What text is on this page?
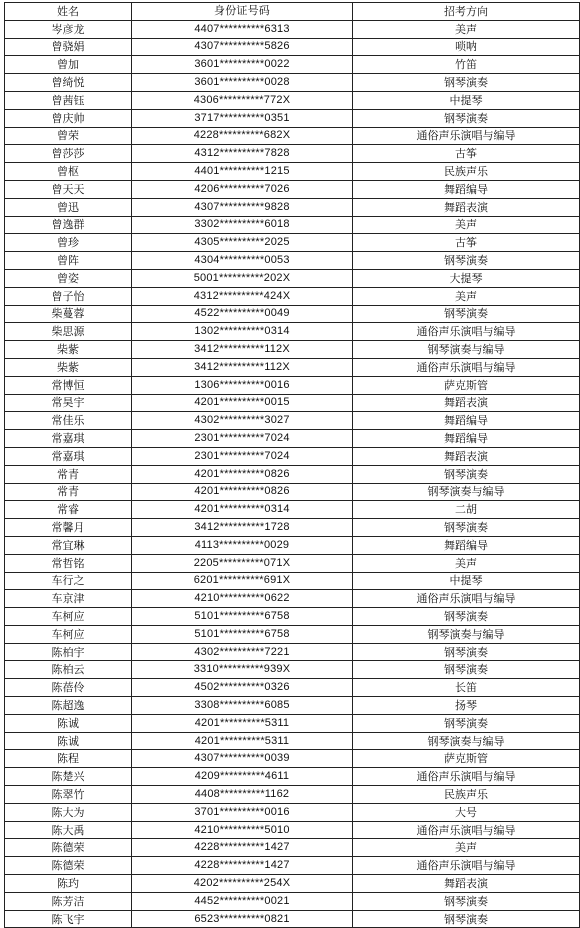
姓名	身份证号码	招考方向
岑彦龙	4407**********6313	美声
曾骁娟	4307**********5826	唢呐
曾加	3601**********0022	竹笛
曾绮悦	3601**********0028	钢琴演奏
曾茜钰	4306**********772X	中提琴
曾庆帅	3717**********0351	钢琴演奏
曾荣	4228**********682X	通俗声乐演唱与编导
曾莎莎	4312**********7828	古筝
曾枢	4401**********1215	民族声乐
曾天天	4206**********7026	舞蹈编导
曾迅	4307**********9828	舞蹈表演
曾逸群	3302**********6018	美声
曾珍	4305**********2025	古筝
曾阵	4304**********0053	钢琴演奏
曾姿	5001**********202X	大提琴
曾子怡	4312**********424X	美声
柴蔓蓉	4522**********0049	钢琴演奏
柴思源	1302**********0314	通俗声乐演唱与编导
柴紫	3412**********112X	钢琴演奏与编导
柴紫	3412**********112X	通俗声乐演唱与编导
常博恒	1306**********0016	萨克斯管
常昊宇	4201**********0015	舞蹈表演
常佳乐	4302**********3027	舞蹈编导
常嘉琪	2301**********7024	舞蹈编导
常嘉琪	2301**********7024	舞蹈表演
常青	4201**********0826	钢琴演奏
常青	4201**********0826	钢琴演奏与编导
常睿	4201**********0314	二胡
常馨月	3412**********1728	钢琴演奏
常宜琳	4113**********0029	舞蹈编导
常哲铭	2205**********071X	美声
车行之	6201**********691X	中提琴
车京津	4210**********0622	通俗声乐演唱与编导
车柯应	5101**********6758	钢琴演奏
车柯应	5101**********6758	钢琴演奏与编导
陈柏宇	4302**********7221	钢琴演奏
陈柏云	3310**********939X	钢琴演奏
陈蓓伶	4502**********0326	长笛
陈超逸	3308**********6085	扬琴
陈诚	4201**********5311	钢琴演奏
陈诚	4201**********5311	钢琴演奏与编导
陈程	4307**********0039	萨克斯管
陈楚兴	4209**********4611	通俗声乐演唱与编导
陈翠竹	4408**********1162	民族声乐
陈大为	3701**********0016	大号
陈大禹	4210**********5010	通俗声乐演唱与编导
陈德荣	4228**********1427	美声
陈德荣	4228**********1427	通俗声乐演唱与编导
陈玓	4202**********254X	舞蹈表演
陈芳洁	4452**********0021	钢琴演奏
陈飞宇	6523**********0821	钢琴演奏
